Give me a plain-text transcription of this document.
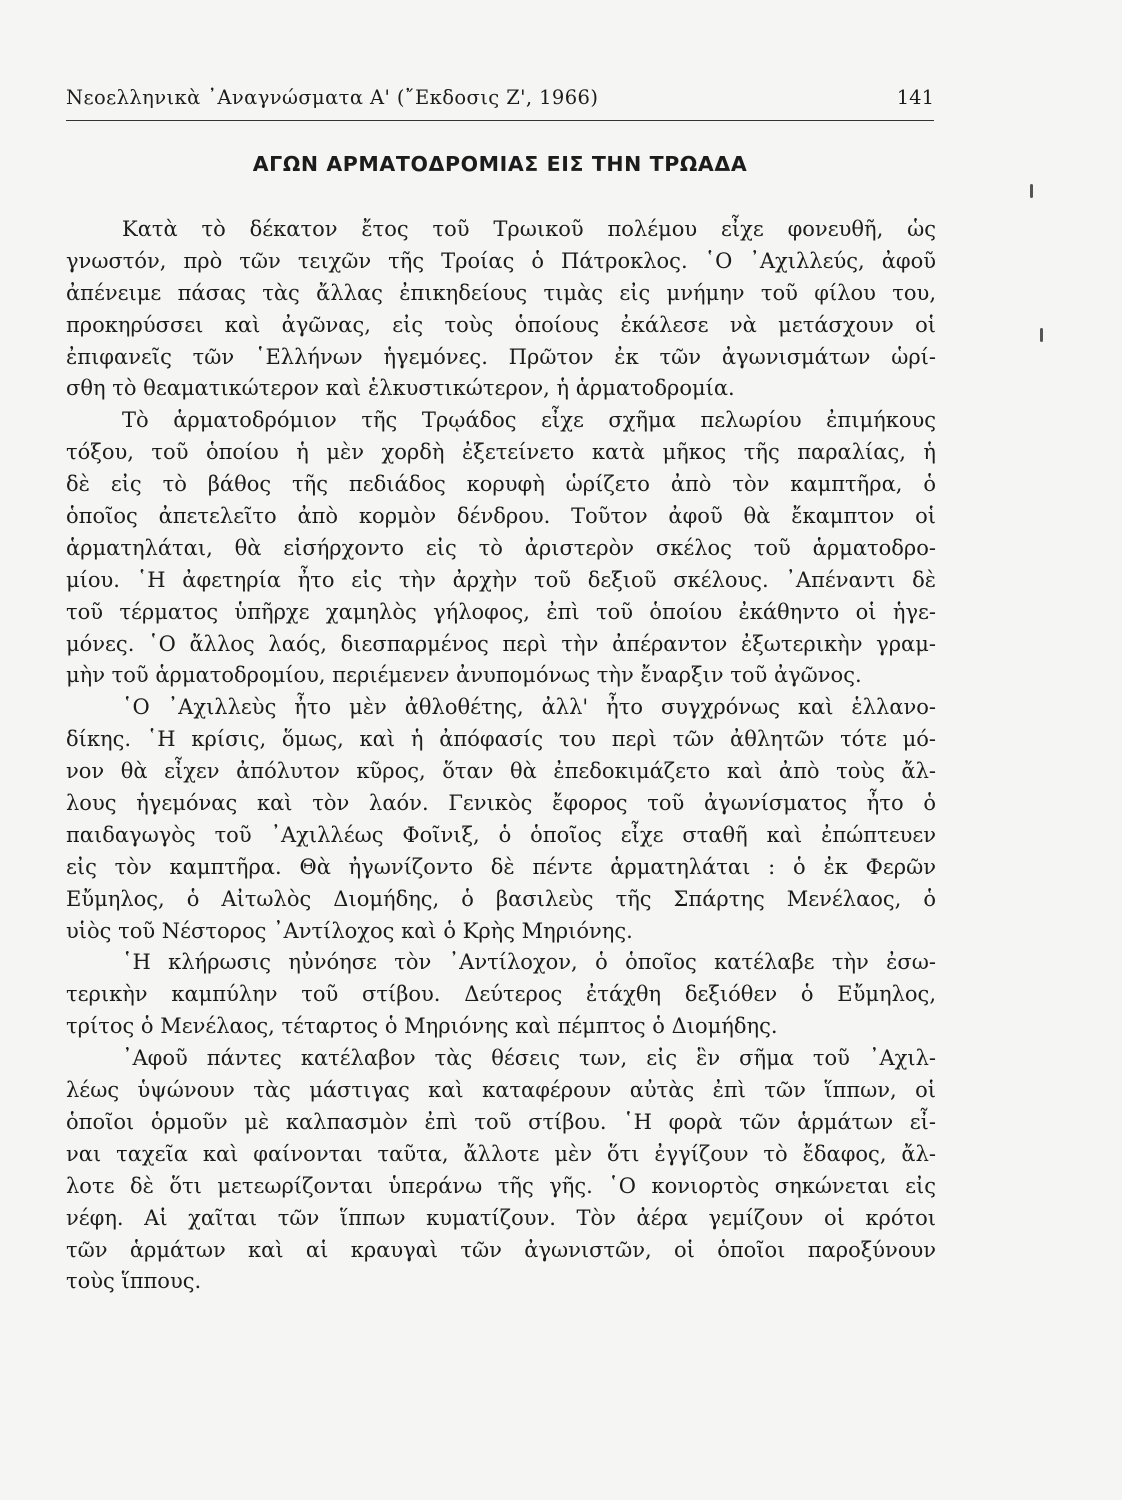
Νεοελληνικὰ ᾿Αναγνώσματα Α' (῎Εκδοσις Ζ', 1966)	141
ΑΓΩΝ ΑΡΜΑΤΟΔΡΟΜΙΑΣ ΕΙΣ ΤΗΝ ΤΡΩΑΔΑ
Κατὰ τὸ δέκατον ἔτος τοῦ Τρωικοῦ πολέμου εἶχε φονευθῆ, ὡς
γνωστόν, πρὸ τῶν τειχῶν τῆς Τροίας ὁ Πάτροκλος. ῾Ο ᾿Αχιλλεύς, ἀφοῦ
ἀπένειμε πάσας τὰς ἄλλας ἐπικηδείους τιμὰς εἰς μνήμην τοῦ φίλου του,
προκηρύσσει καὶ ἀγῶνας, εἰς τοὺς ὁποίους ἐκάλεσε νὰ μετάσχουν οἱ
ἐπιφανεῖς τῶν ῾Ελλήνων ἡγεμόνες. Πρῶτον ἐκ τῶν ἀγωνισμάτων ὡρί-
σθη τὸ θεαματικώτερον καὶ ἑλκυστικώτερον, ἡ ἁρματοδρομία.
Τὸ ἁρματοδρόμιον τῆς Τρῳάδος εἶχε σχῆμα πελωρίου ἐπιμήκους
τόξου, τοῦ ὁποίου ἡ μὲν χορδὴ ἐξετείνετο κατὰ μῆκος τῆς παραλίας, ἡ
δὲ εἰς τὸ βάθος τῆς πεδιάδος κορυφὴ ὡρίζετο ἀπὸ τὸν καμπτῆρα, ὁ
ὁποῖος ἀπετελεῖτο ἀπὸ κορμὸν δένδρου. Τοῦτον ἀφοῦ θὰ ἔκαμπτον οἱ
ἁρματηλάται, θὰ εἰσήρχοντο εἰς τὸ ἀριστερὸν σκέλος τοῦ ἁρματοδρο-
μίου. ῾Η ἀφετηρία ἦτο εἰς τὴν ἀρχὴν τοῦ δεξιοῦ σκέλους. ᾿Απέναντι δὲ
τοῦ τέρματος ὑπῆρχε χαμηλὸς γήλοφος, ἐπὶ τοῦ ὁποίου ἐκάθηντο οἱ ἡγε-
μόνες. ῾Ο ἄλλος λαός, διεσπαρμένος περὶ τὴν ἀπέραντον ἐξωτερικὴν γραμ-
μὴν τοῦ ἁρματοδρομίου, περιέμενεν ἀνυπομόνως τὴν ἔναρξιν τοῦ ἀγῶνος.
῾Ο ᾿Αχιλλεὺς ἦτο μὲν ἀθλοθέτης, ἀλλ' ἦτο συγχρόνως καὶ ἑλλανο-
δίκης. ῾Η κρίσις, ὅμως, καὶ ἡ ἀπόφασίς του περὶ τῶν ἀθλητῶν τότε μό-
νον θὰ εἶχεν ἀπόλυτον κῦρος, ὅταν θὰ ἐπεδοκιμάζετο καὶ ἀπὸ τοὺς ἄλ-
λους ἡγεμόνας καὶ τὸν λαόν. Γενικὸς ἔφορος τοῦ ἀγωνίσματος ἦτο ὁ
παιδαγωγὸς τοῦ ᾿Αχιλλέως Φοῖνιξ, ὁ ὁποῖος εἶχε σταθῆ καὶ ἐπώπτευεν
εἰς τὸν καμπτῆρα. Θὰ ἠγωνίζοντο δὲ πέντε ἁρματηλάται : ὁ ἐκ Φερῶν
Εὔμηλος, ὁ Αἰτωλὸς Διομήδης, ὁ βασιλεὺς τῆς Σπάρτης Μενέλαος, ὁ
υἱὸς τοῦ Νέστορος ᾿Αντίλοχος καὶ ὁ Κρὴς Μηριόνης.
῾Η κλήρωσις ηὐνόησε τὸν ᾿Αντίλοχον, ὁ ὁποῖος κατέλαβε τὴν ἐσω-
τερικὴν καμπύλην τοῦ στίβου. Δεύτερος ἐτάχθη δεξιόθεν ὁ Εὔμηλος,
τρίτος ὁ Μενέλαος, τέταρτος ὁ Μηριόνης καὶ πέμπτος ὁ Διομήδης.
᾿Αφοῦ πάντες κατέλαβον τὰς θέσεις των, εἰς ἓν σῆμα τοῦ ᾿Αχιλ-
λέως ὑψώνουν τὰς μάστιγας καὶ καταφέρουν αὐτὰς ἐπὶ τῶν ἵππων, οἱ
ὁποῖοι ὁρμοῦν μὲ καλπασμὸν ἐπὶ τοῦ στίβου. ῾Η φορὰ τῶν ἁρμάτων εἶ-
ναι ταχεῖα καὶ φαίνονται ταῦτα, ἄλλοτε μὲν ὅτι ἐγγίζουν τὸ ἔδαφος, ἄλ-
λοτε δὲ ὅτι μετεωρίζονται ὑπεράνω τῆς γῆς. ῾Ο κονιορτὸς σηκώνεται εἰς
νέφη. Αἱ χαῖται τῶν ἵππων κυματίζουν. Τὸν ἀέρα γεμίζουν οἱ κρότοι
τῶν ἁρμάτων καὶ αἱ κραυγαὶ τῶν ἀγωνιστῶν, οἱ ὁποῖοι παροξύνουν
τοὺς ἵππους.
